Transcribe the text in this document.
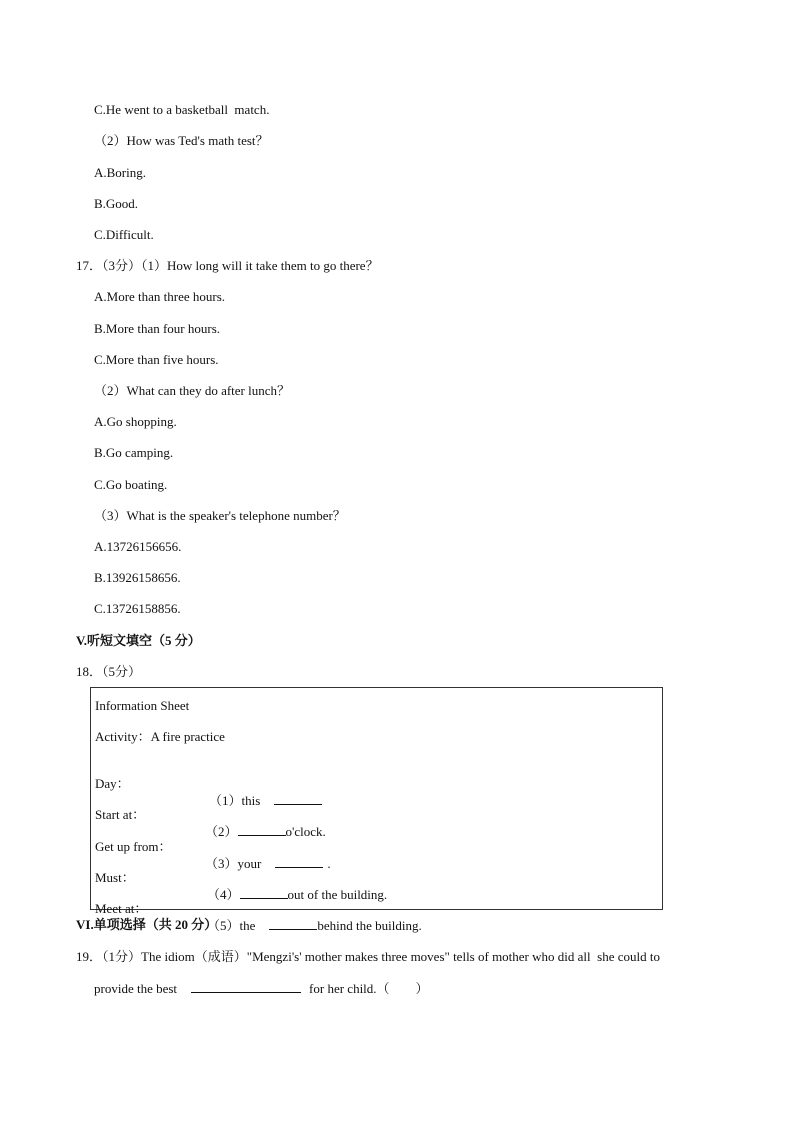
C.He went to a basketball  match.
（2）How was Ted's math test？
A.Boring.
B.Good.
C.Difficult.
17．（3分）（1）How long will it take them to go there？
A.More than three hours.
B.More than four hours.
C.More than five hours.
（2）What can they do after lunch？
A.Go shopping.
B.Go camping.
C.Go boating.
（3）What is the speaker's telephone number？
A.13726156656.
B.13926158656.
C.13726158856.
V.听短文填空（5 分）
18．（5分）
Information Sheet
Activity：A fire practice

Day：

（1）this

Start at：

（2）	o'clock.

Get up from：

（3）your	.

Must：

（4）	out of the building.

Meet at：

（5）the	behind the building.

VI.单项选择（共 20 分）
19．（1分）The idiom（成语）"Mengzi's' mother makes three moves" tells of mother who did all  she could to
provide the best	for her child.（        ）
